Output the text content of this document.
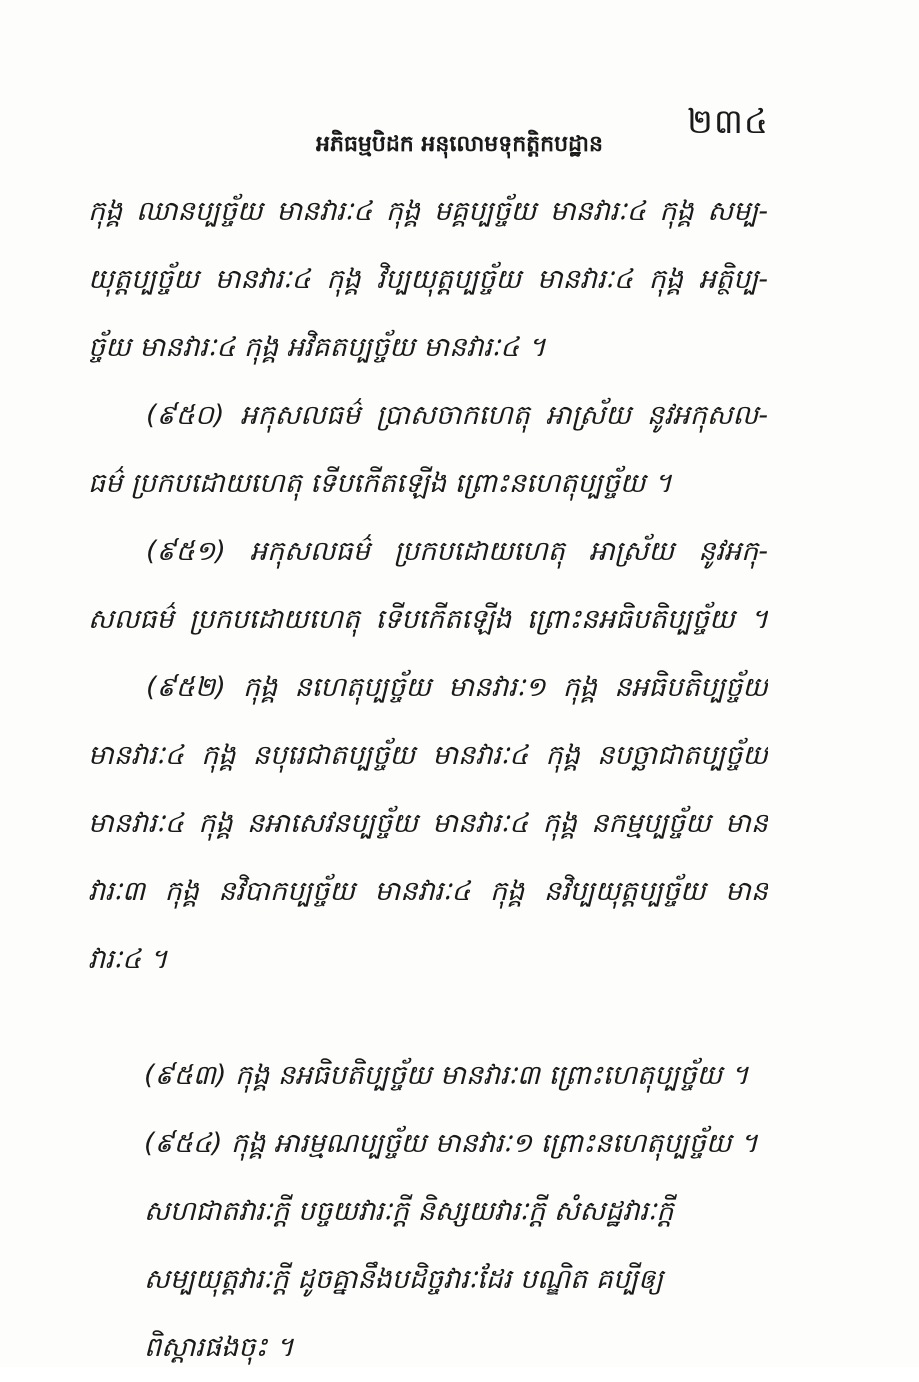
២៣៤
អភិធម្មបិដក អនុលោមទុកត្តិកបដ្ឋាន
កុង្គ ឈានប្បច្ច័យ មានវារៈ៤ កុង្គ មគ្គប្បច្ច័យ មានវារៈ៤ កុង្គ សម្ប-
យុត្តប្បច្ច័យ មានវារៈ៤ កុង្គ វិប្បយុត្តប្បច្ច័យ មានវារៈ៤ កុង្គ អត្ថិប្ប-
ច្ច័យ មានវារៈ៤ កុង្គ អវិគតប្បច្ច័យ មានវារៈ៤ ។
(៩៥០) អកុសលធម៌ ប្រាសចាកហេតុ អាស្រ័យ នូវអកុសល-
ធម៌ ប្រកបដោយហេតុ ទើបកើតឡើង ព្រោះនហេតុប្បច្ច័យ ។
(៩៥១) អកុសលធម៌ ប្រកបដោយហេតុ អាស្រ័យ នូវអកុ-
សលធម៌ ប្រកបដោយហេតុ ទើបកើតឡើង ព្រោះនអធិបតិប្បច្ច័យ ។
(៩៥២) កុង្គ នហេតុប្បច្ច័យ មានវារៈ១ កុង្គ នអធិបតិប្បច្ច័យ
មានវារៈ៤ កុង្គ នបុរេជាតប្បច្ច័យ មានវារៈ៤ កុង្គ នបច្ឆាជាតប្បច្ច័យ
មានវារៈ៤ កុង្គ នអាសេវនប្បច្ច័យ មានវារៈ៤ កុង្គ នកម្មប្បច្ច័យ មាន
វារៈ៣ កុង្គ នវិបាកប្បច្ច័យ មានវារៈ៤ កុង្គ នវិប្បយុត្តប្បច្ច័យ មាន
វារៈ៤ ។
(៩៥៣) កុង្គ នអធិបតិប្បច្ច័យ មានវារៈ៣ ព្រោះហេតុប្បច្ច័យ ។
(៩៥៤) កុង្គ អារម្មណប្បច្ច័យ មានវារៈ១ ព្រោះនហេតុប្បច្ច័យ ។
សហជាតវារៈក្តី បច្ចយវារៈក្តី និស្សយវារៈក្តី សំសដ្ឋវារៈក្តី
សម្បយុត្តវារៈក្តី ដូចគ្នានឹងបដិច្ចវារៈដែរ បណ្ឌិត គប្បីឲ្យ
ពិស្តារផងចុះ ។
